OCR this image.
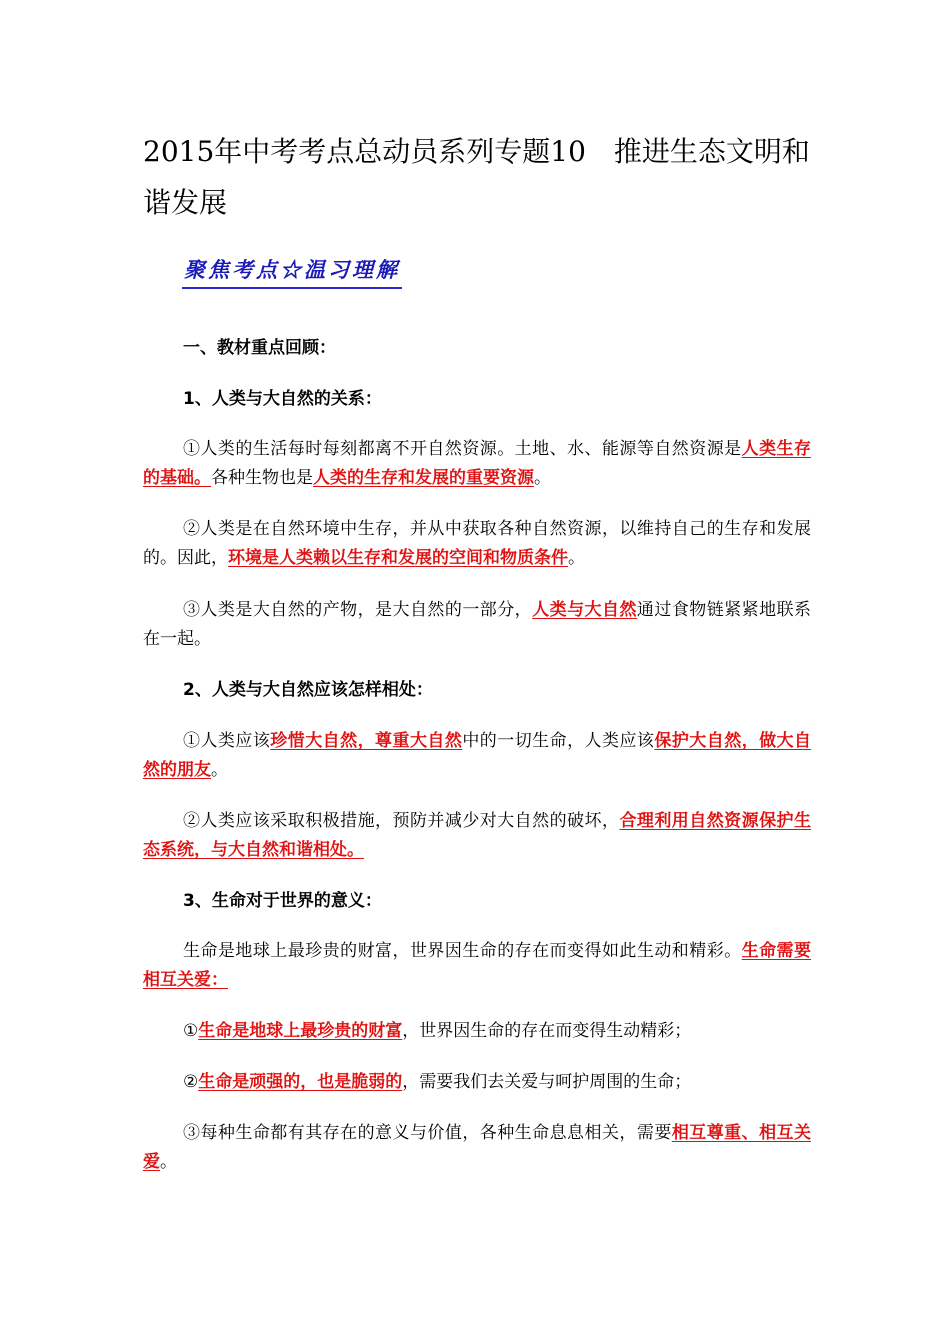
2015年中考考点总动员系列专题10　推进生态文明和谐发展
聚焦考点☆温习理解

一、教材重点回顾：

1、人类与大自然的关系：

①人类的生活每时每刻都离不开自然资源。土地、水、能源等自然资源是人类生存的基础。各种生物也是人类的生存和发展的重要资源。

②人类是在自然环境中生存，并从中获取各种自然资源，以维持自己的生存和发展的。因此，环境是人类赖以生存和发展的空间和物质条件。

③人类是大自然的产物，是大自然的一部分，人类与大自然通过食物链紧紧地联系在一起。

2、人类与大自然应该怎样相处：

①人类应该珍惜大自然，尊重大自然中的一切生命，人类应该保护大自然，做大自然的朋友。

②人类应该采取积极措施，预防并减少对大自然的破坏，合理利用自然资源保护生态系统，与大自然和谐相处。

3、生命对于世界的意义：

生命是地球上最珍贵的财富，世界因生命的存在而变得如此生动和精彩。生命需要相互关爱：

①生命是地球上最珍贵的财富，世界因生命的存在而变得生动精彩；

②生命是顽强的，也是脆弱的，需要我们去关爱与呵护周围的生命；

③每种生命都有其存在的意义与价值，各种生命息息相关，需要相互尊重、相互关爱。
